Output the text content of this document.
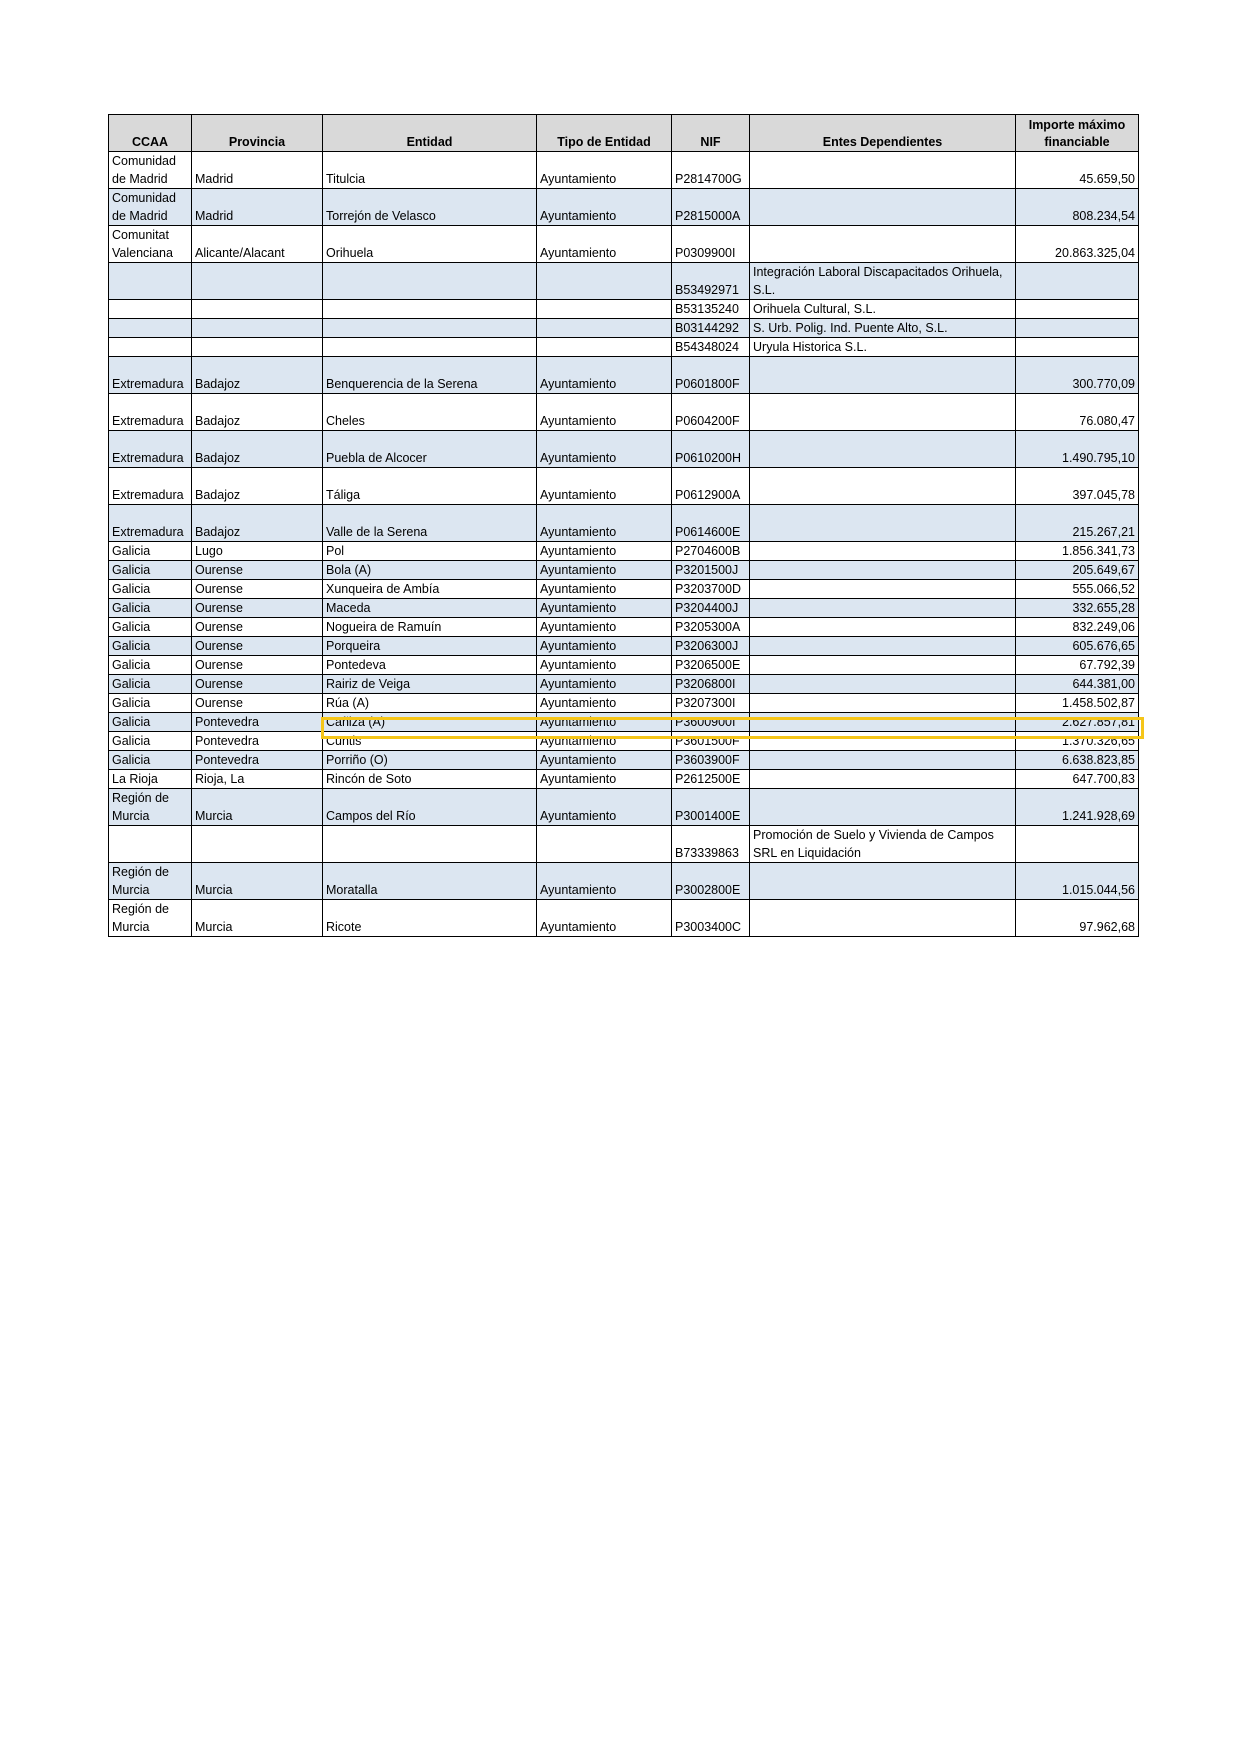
CCAA	Provincia	Entidad	Tipo de Entidad	NIF	Entes Dependientes	Importe máximo financiable
Comunidad de Madrid	Madrid	Titulcia	Ayuntamiento	P2814700G		45.659,50
Comunidad de Madrid	Madrid	Torrejón de Velasco	Ayuntamiento	P2815000A		808.234,54
Comunitat Valenciana	Alicante/Alacant	Orihuela	Ayuntamiento	P0309900I		20.863.325,04
				B53492971	Integración Laboral Discapacitados Orihuela, S.L.	
				B53135240	Orihuela Cultural, S.L.	
				B03144292	S. Urb. Polig. Ind. Puente Alto, S.L.	
				B54348024	Uryula Historica S.L.	
Extremadura	Badajoz	Benquerencia de la Serena	Ayuntamiento	P0601800F		300.770,09
Extremadura	Badajoz	Cheles	Ayuntamiento	P0604200F		76.080,47
Extremadura	Badajoz	Puebla de Alcocer	Ayuntamiento	P0610200H		1.490.795,10
Extremadura	Badajoz	Táliga	Ayuntamiento	P0612900A		397.045,78
Extremadura	Badajoz	Valle de la Serena	Ayuntamiento	P0614600E		215.267,21
Galicia	Lugo	Pol	Ayuntamiento	P2704600B		1.856.341,73
Galicia	Ourense	Bola (A)	Ayuntamiento	P3201500J		205.649,67
Galicia	Ourense	Xunqueira de Ambía	Ayuntamiento	P3203700D		555.066,52
Galicia	Ourense	Maceda	Ayuntamiento	P3204400J		332.655,28
Galicia	Ourense	Nogueira de Ramuín	Ayuntamiento	P3205300A		832.249,06
Galicia	Ourense	Porqueira	Ayuntamiento	P3206300J		605.676,65
Galicia	Ourense	Pontedeva	Ayuntamiento	P3206500E		67.792,39
Galicia	Ourense	Rairiz de Veiga	Ayuntamiento	P3206800I		644.381,00
Galicia	Ourense	Rúa (A)	Ayuntamiento	P3207300I		1.458.502,87
Galicia	Pontevedra	Cañiza (A)	Ayuntamiento	P3600900I		2.627.857,81
Galicia	Pontevedra	Cuntis	Ayuntamiento	P3601500F		1.370.326,65
Galicia	Pontevedra	Porriño (O)	Ayuntamiento	P3603900F		6.638.823,85
La Rioja	Rioja, La	Rincón de Soto	Ayuntamiento	P2612500E		647.700,83
Región de Murcia	Murcia	Campos del Río	Ayuntamiento	P3001400E		1.241.928,69
				B73339863	Promoción de Suelo y Vivienda de Campos SRL en Liquidación	
Región de Murcia	Murcia	Moratalla	Ayuntamiento	P3002800E		1.015.044,56
Región de Murcia	Murcia	Ricote	Ayuntamiento	P3003400C		97.962,68
